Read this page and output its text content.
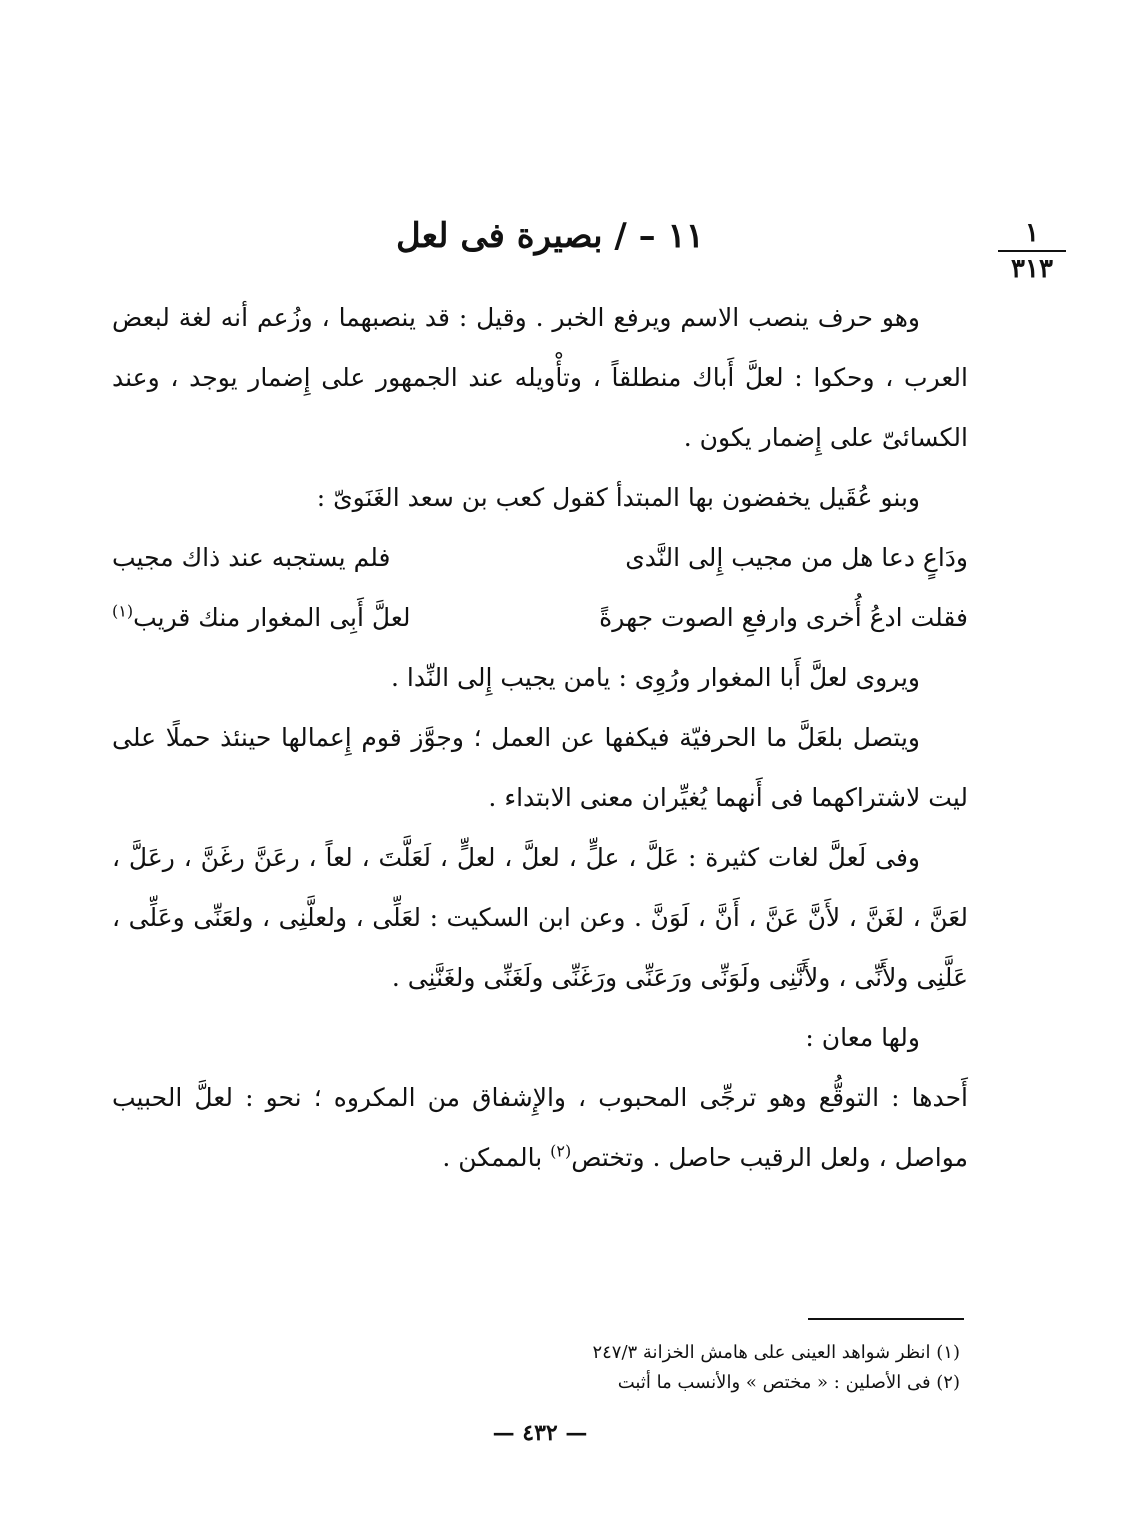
١
٣١٣
١١ – / بصيرة فى لعل

وهو حرف ينصب الاسم ويرفع الخبر . وقيل : قد ينصبهما ، وزُعم أنه لغة لبعض العرب ، وحكوا : لعلَّ أَباك منطلقاً ، وتأْويله عند الجمهور على إِضمار يوجد ، وعند الكسائىّ على إِضمار يكون .

وبنو عُقَيل يخفضون بها المبتدأ كقول كعب بن سعد الغَنَوىّ :

ودَاعٍ دعا هل من مجيب إِلى النَّدى
فلم يستجبه عند ذاك مجيب
فقلت ادعُ أُخرى وارفعِ الصوت جهرةً
لعلَّ أَبِى المغوار منك قريب$^{(١)}$

ويروى لعلَّ أَبا المغوار ورُوِى : يامن يجيب إِلى النِّدا .

ويتصل بلعَلَّ ما الحرفيّة فيكفها عن العمل ؛ وجوَّز قوم إِعمالها حينئذ حملًا على ليت لاشتراكهما فى أَنهما يُغيِّران معنى الابتداء .

وفى لَعلَّ لغات كثيرة : عَلَّ ، علٍّ ، لعلَّ ، لعلٍّ ، لَعَلَّتَ ، لعاً ، رعَنَّ رغَنَّ ، رعَلَّ ، لعَنَّ ، لغَنَّ ، لأَنَّ عَنَّ ، أَنَّ ، لَوَنَّ . وعن ابن السكيت : لعَلِّى ، ولعلَّنِى ، ولعَنِّى وعَلِّى ، عَلَّنِى ولأَنِّى ، ولأَنَّنِى ولَوَنِّى ورَعَنِّى ورَغَنِّى ولَغَنِّى ولغَنَّنِى .

ولها معان :

أَحدها : التوقُّع وهو ترجِّى المحبوب ، والإِشفاق من المكروه ؛ نحو : لعلَّ الحبيب مواصل ، ولعل الرقيب حاصل . وتختص$^{(٢)}$ بالممكن .

(١) انظر شواهد العينى على هامش الخزانة ٢٤٧/٣

(٢) فى الأصلين : « مختص » والأنسب ما أثبت

— ٤٣٢ —
